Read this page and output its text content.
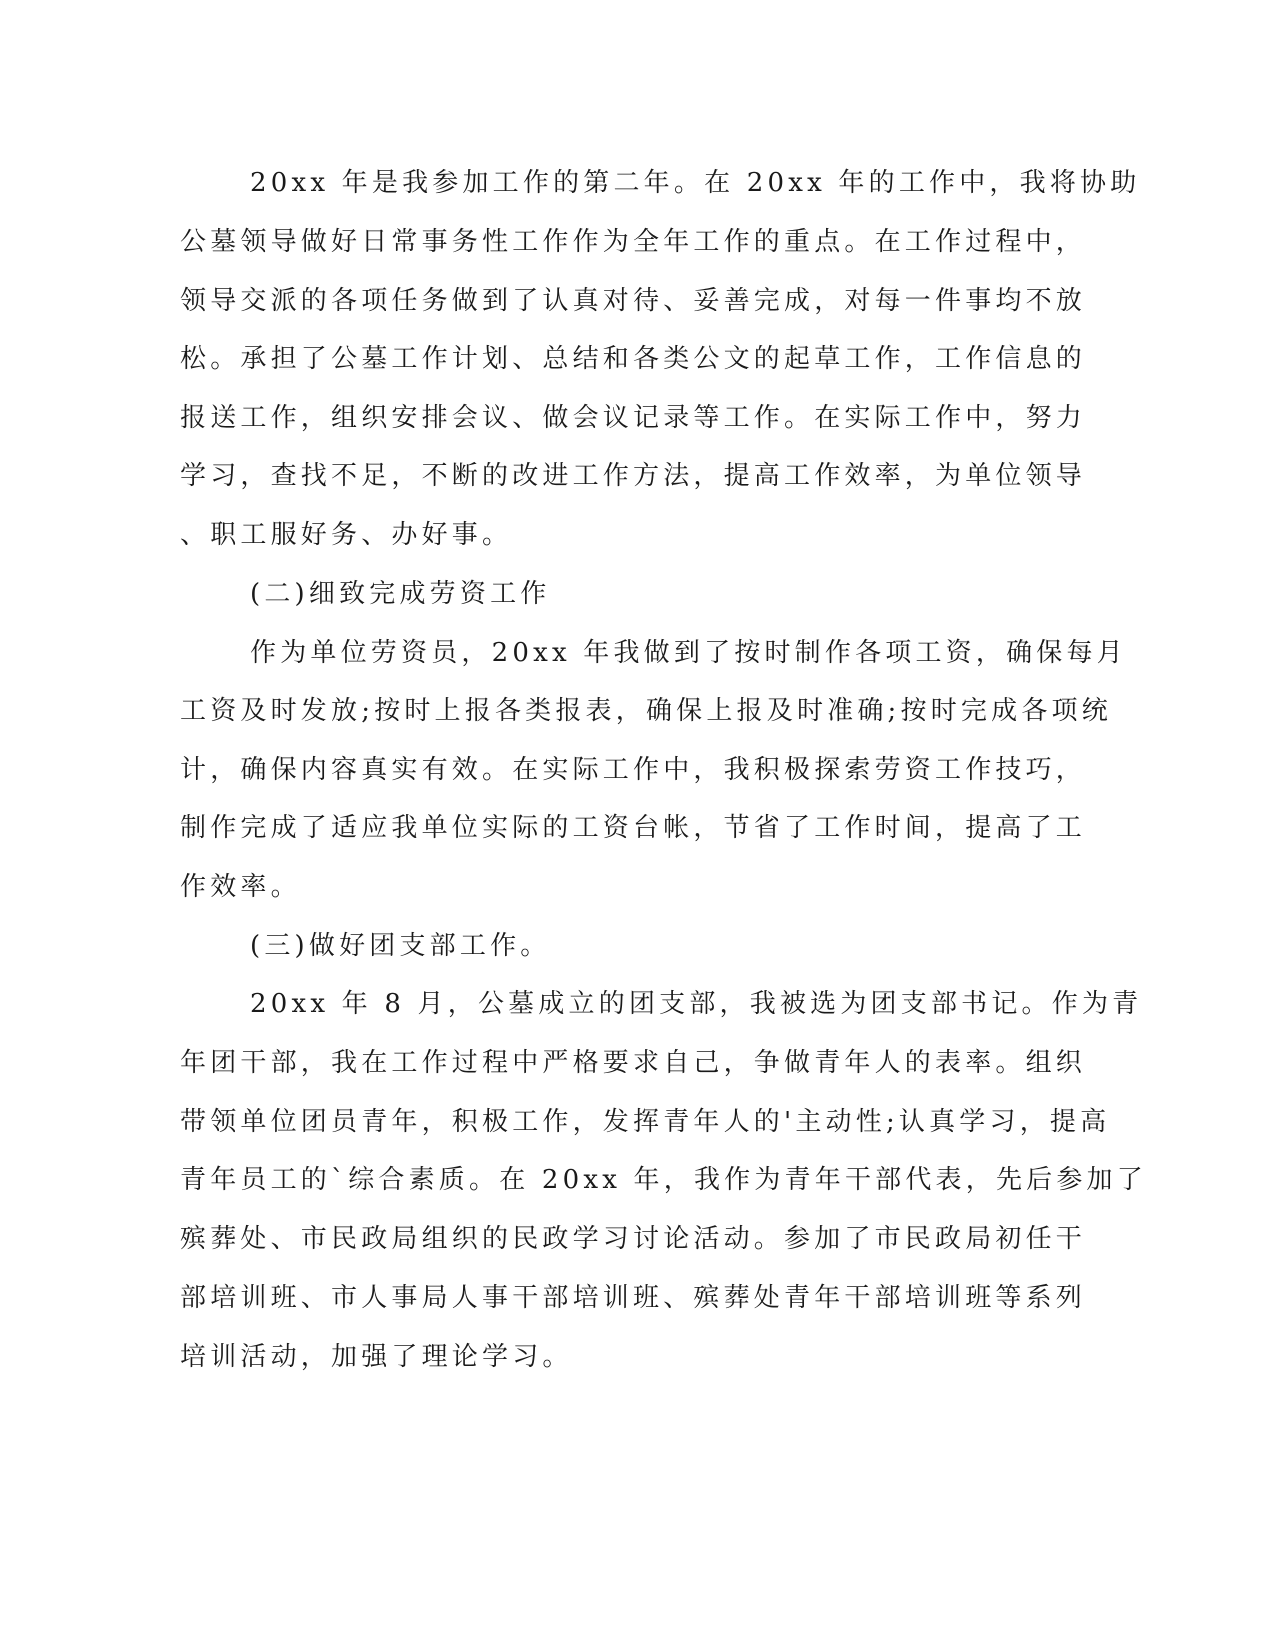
20xx 年是我参加工作的第二年。在 20xx 年的工作中，我将协助
公墓领导做好日常事务性工作作为全年工作的重点。在工作过程中，
领导交派的各项任务做到了认真对待、妥善完成，对每一件事均不放
松。承担了公墓工作计划、总结和各类公文的起草工作，工作信息的
报送工作，组织安排会议、做会议记录等工作。在实际工作中，努力
学习，查找不足，不断的改进工作方法，提高工作效率，为单位领导
、职工服好务、办好事。
(二)细致完成劳资工作
作为单位劳资员，20xx 年我做到了按时制作各项工资，确保每月
工资及时发放;按时上报各类报表，确保上报及时准确;按时完成各项统
计，确保内容真实有效。在实际工作中，我积极探索劳资工作技巧，
制作完成了适应我单位实际的工资台帐，节省了工作时间，提高了工
作效率。
(三)做好团支部工作。
20xx 年 8 月，公墓成立的团支部，我被选为团支部书记。作为青
年团干部，我在工作过程中严格要求自己，争做青年人的表率。组织
带领单位团员青年，积极工作，发挥青年人的'主动性;认真学习，提高
青年员工的`综合素质。在 20xx 年，我作为青年干部代表，先后参加了
殡葬处、市民政局组织的民政学习讨论活动。参加了市民政局初任干
部培训班、市人事局人事干部培训班、殡葬处青年干部培训班等系列
培训活动，加强了理论学习。
